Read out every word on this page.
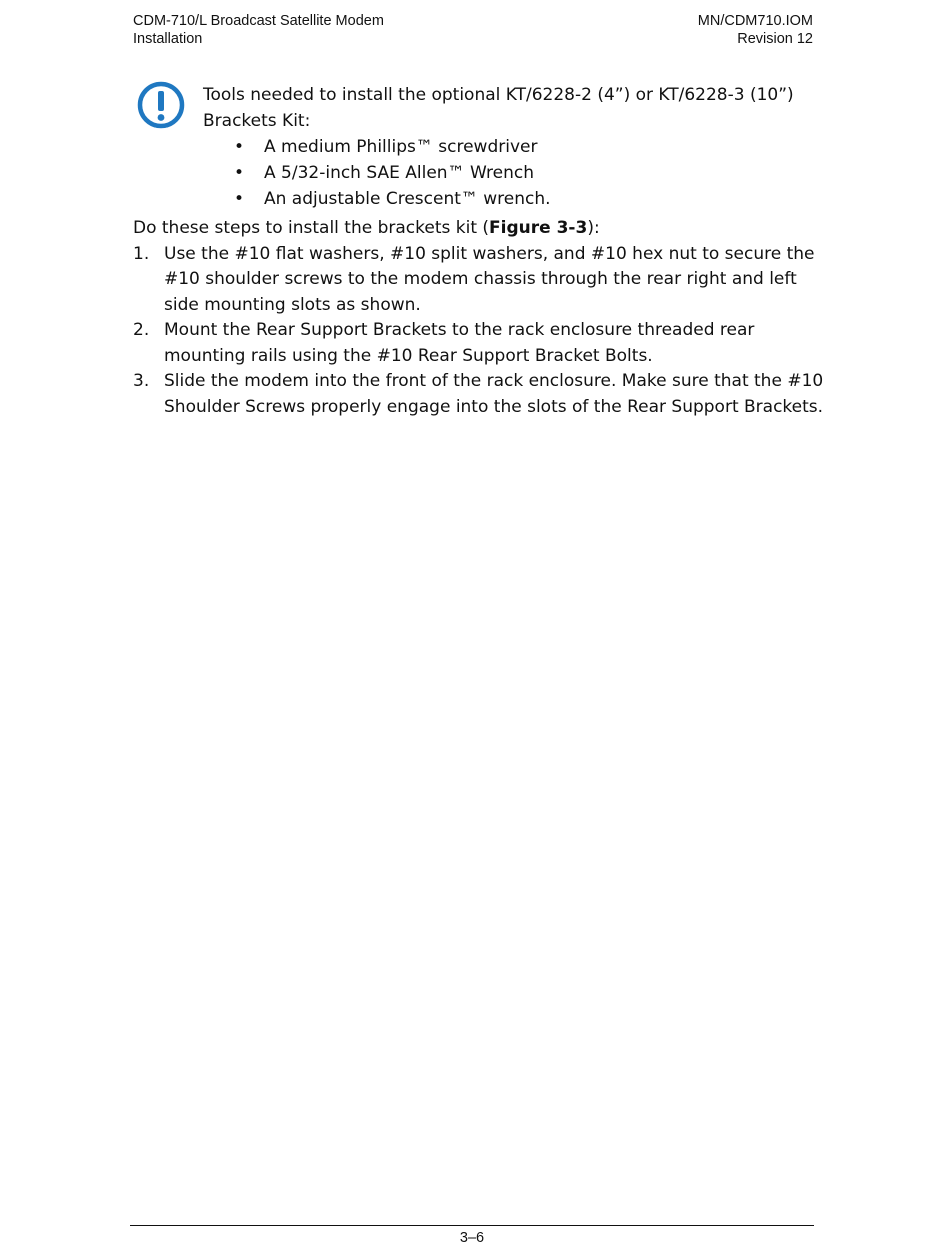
CDM-710/L Broadcast Satellite Modem	MN/CDM710.IOM
Installation	Revision 12

Tools needed to install the optional KT/6228-2 (4”) or KT/6228-3 (10”) Brackets Kit:

• A medium Phillips™ screwdriver
• A 5/32-inch SAE Allen™ Wrench
• An adjustable Crescent™ wrench.

Do these steps to install the brackets kit (Figure 3-3):

1. Use the #10 flat washers, #10 split washers, and #10 hex nut to secure the #10 shoulder screws to the modem chassis through the rear right and left side mounting slots as shown.
2. Mount the Rear Support Brackets to the rack enclosure threaded rear mounting rails using the #10 Rear Support Bracket Bolts.
3. Slide the modem into the front of the rack enclosure. Make sure that the #10 Shoulder Screws properly engage into the slots of the Rear Support Brackets.
3–6
